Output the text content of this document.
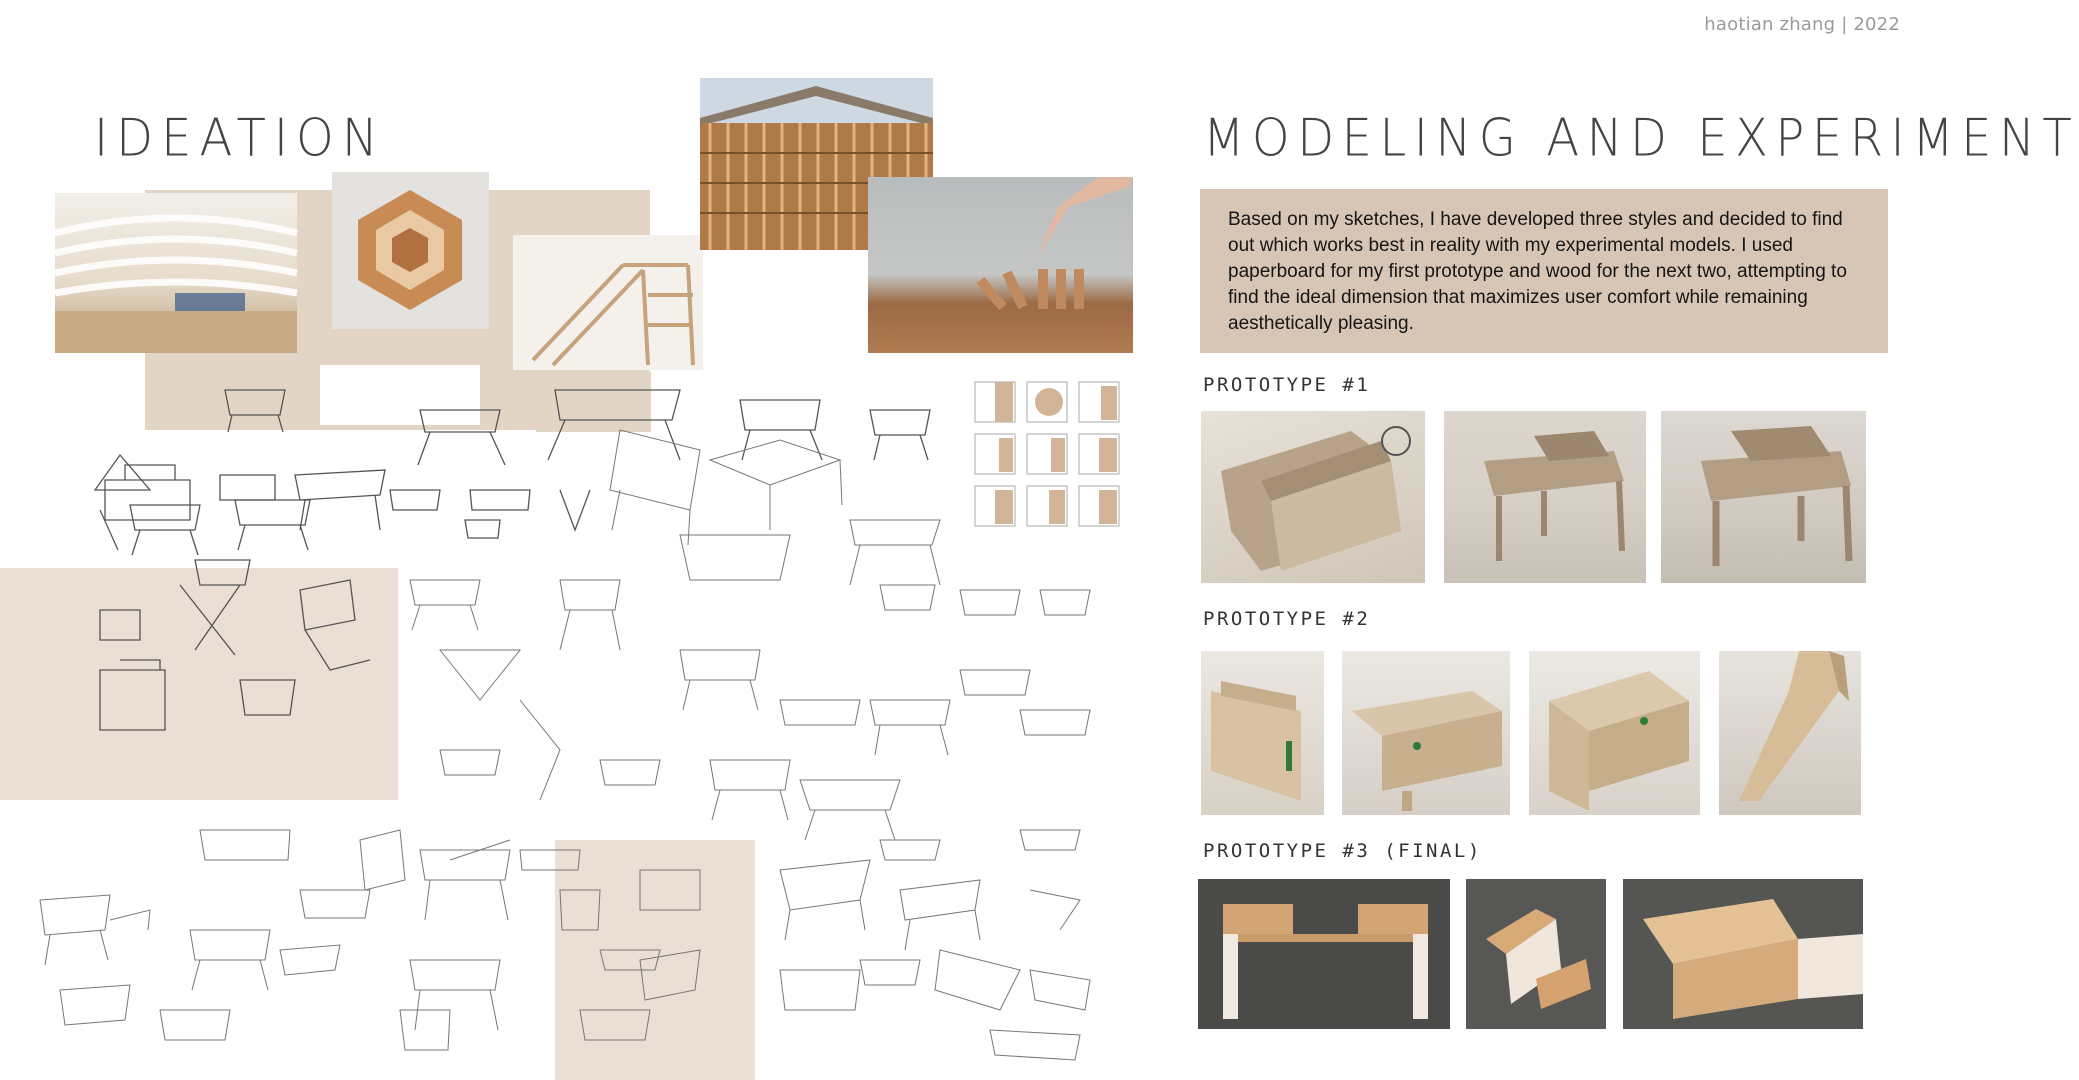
haotian zhang | 2022
IDEATION	MODELING AND EXPERIMENT
Based on my sketches, I have developed three styles and decided to find out which works best in reality with my experimental models. I used paperboard for my first prototype and wood for the next two, attempting to find the ideal dimension that maximizes user comfort while remaining aesthetically pleasing.
PROTOTYPE #1
PROTOTYPE #2
PROTOTYPE #3 (FINAL)
